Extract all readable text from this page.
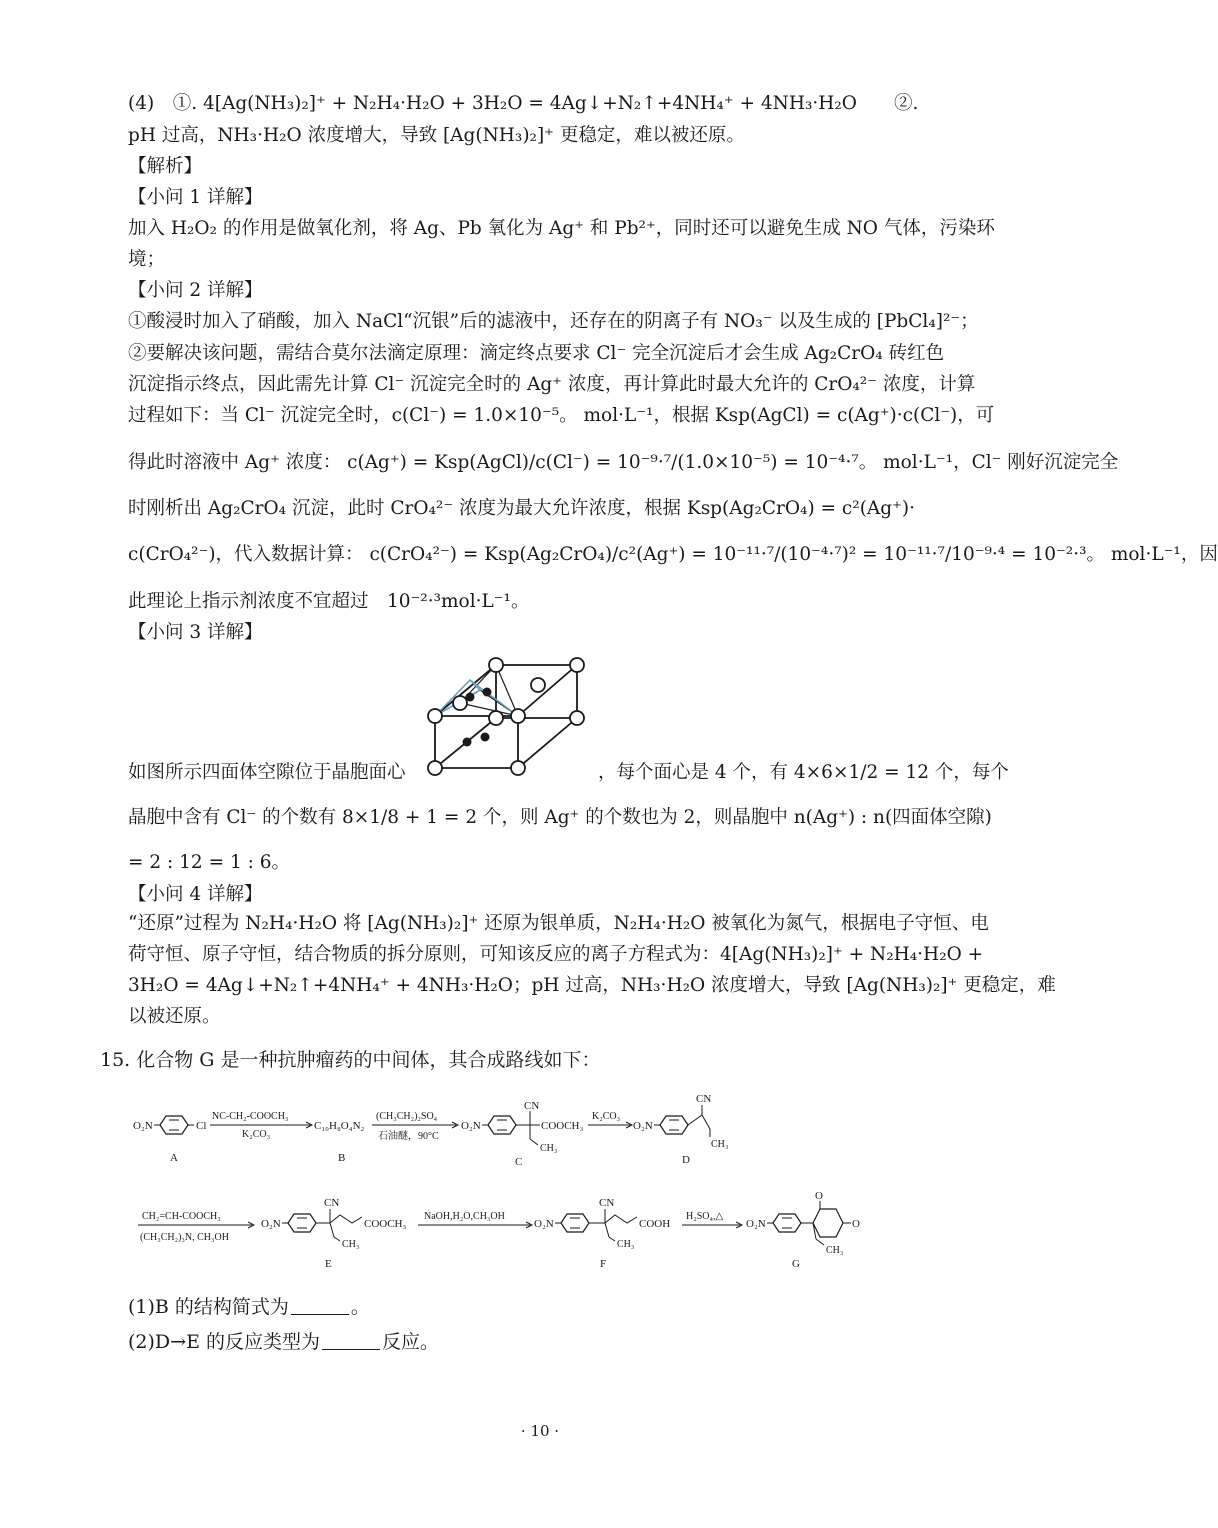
(4)　①. 4[Ag(NH₃)₂]⁺ + N₂H₄·H₂O + 3H₂O = 4Ag↓+N₂↑+4NH₄⁺ + 4NH₃·H₂O　　②.
pH 过高，NH₃·H₂O 浓度增大，导致 [Ag(NH₃)₂]⁺ 更稳定，难以被还原。
【解析】
【小问 1 详解】
加入 H₂O₂ 的作用是做氧化剂，将 Ag、Pb 氧化为 Ag⁺ 和 Pb²⁺，同时还可以避免生成 NO 气体，污染环
境；
【小问 2 详解】
①酸浸时加入了硝酸，加入 NaCl“沉银”后的滤液中，还存在的阴离子有 NO₃⁻ 以及生成的 [PbCl₄]²⁻；
②要解决该问题，需结合莫尔法滴定原理：滴定终点要求 Cl⁻ 完全沉淀后才会生成 Ag₂CrO₄ 砖红色
沉淀指示终点，因此需先计算 Cl⁻ 沉淀完全时的 Ag⁺ 浓度，再计算此时最大允许的 CrO₄²⁻ 浓度，计算
过程如下：当 Cl⁻ 沉淀完全时，c(Cl⁻) = 1.0×10⁻⁵。 mol·L⁻¹，根据 Ksp(AgCl) = c(Ag⁺)·c(Cl⁻)，可
得此时溶液中 Ag⁺ 浓度： c(Ag⁺) = Ksp(AgCl)/c(Cl⁻) = 10⁻⁹·⁷/(1.0×10⁻⁵) = 10⁻⁴·⁷。 mol·L⁻¹，Cl⁻ 刚好沉淀完全
时刚析出 Ag₂CrO₄ 沉淀，此时 CrO₄²⁻ 浓度为最大允许浓度，根据 Ksp(Ag₂CrO₄) = c²(Ag⁺)·
c(CrO₄²⁻)，代入数据计算： c(CrO₄²⁻) = Ksp(Ag₂CrO₄)/c²(Ag⁺) = 10⁻¹¹·⁷/(10⁻⁴·⁷)² = 10⁻¹¹·⁷/10⁻⁹·⁴ = 10⁻²·³。 mol·L⁻¹，因
此理论上指示剂浓度不宜超过　10⁻²·³mol·L⁻¹。
【小问 3 详解】
如图所示四面体空隙位于晶胞面心	，每个面心是 4 个，有 4×6×1/2 = 12 个，每个
晶胞中含有 Cl⁻ 的个数有 8×1/8 + 1 = 2 个，则 Ag⁺ 的个数也为 2，则晶胞中 n(Ag⁺) : n(四面体空隙)
= 2 : 12 = 1 : 6。
【小问 4 详解】
“还原”过程为 N₂H₄·H₂O 将 [Ag(NH₃)₂]⁺ 还原为银单质，N₂H₄·H₂O 被氧化为氮气，根据电子守恒、电
荷守恒、原子守恒，结合物质的拆分原则，可知该反应的离子方程式为：4[Ag(NH₃)₂]⁺ + N₂H₄·H₂O +
3H₂O = 4Ag↓+N₂↑+4NH₄⁺ + 4NH₃·H₂O；pH 过高，NH₃·H₂O 浓度增大，导致 [Ag(NH₃)₂]⁺ 更稳定，难
以被还原。
15. 化合物 G 是一种抗肿瘤药的中间体，其合成路线如下：
O₂N	Cl
A
NC-CH₂-COOCH₃
K₂CO₃
C₁₀H₈O₄N₂
B
(CH₃CH₂)₂SO₄
石油醚，90°C
O₂N
CN
COOCH₃
CH₃
C
K₂CO₃
O₂N
CN
CH₃
D
CH₂=CH-COOCH₃
(CH₃CH₂)₃N, CH₃OH
O₂N
CN
COOCH₃
CH₃
E
NaOH,H₂O,CH₃OH
O₂N
CN
COOH
CH₃
F
H₂SO₄,△
O₂N
O
O
CH₃
G
(1)B 的结构简式为	。
(2)D→E 的反应类型为	反应。
· 10 ·
